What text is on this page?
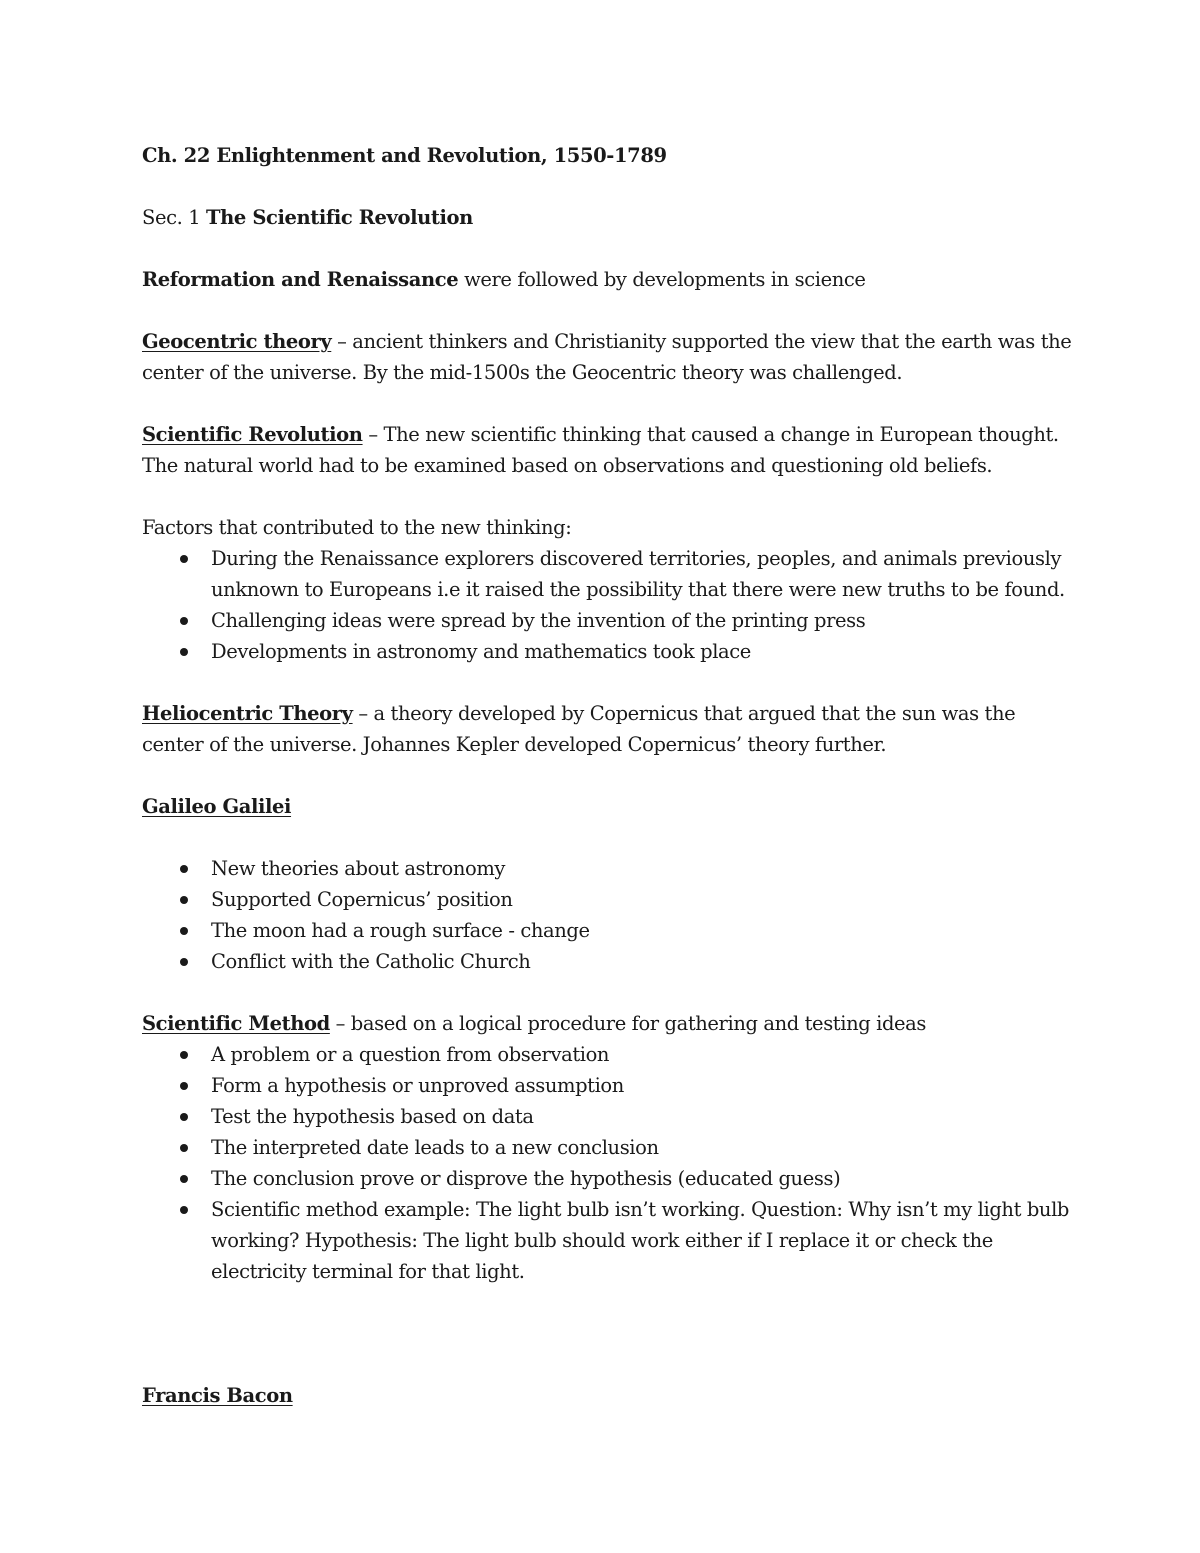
Ch. 22 Enlightenment and Revolution, 1550-1789

Sec. 1 The Scientific Revolution

Reformation and Renaissance were followed by developments in science

Geocentric theory – ancient thinkers and Christianity supported the view that the earth was the center of the universe. By the mid-1500s the Geocentric theory was challenged.

Scientific Revolution – The new scientific thinking that caused a change in European thought. The natural world had to be examined based on observations and questioning old beliefs.

Factors that contributed to the new thinking:

During the Renaissance explorers discovered territories, peoples, and animals previously unknown to Europeans i.e it raised the possibility that there were new truths to be found.
Challenging ideas were spread by the invention of the printing press
Developments in astronomy and mathematics took place

Heliocentric Theory – a theory developed by Copernicus that argued that the sun was the center of the universe. Johannes Kepler developed Copernicus’ theory further.

Galileo Galilei

New theories about astronomy
Supported Copernicus’ position
The moon had a rough surface - change
Conflict with the Catholic Church

Scientific Method – based on a logical procedure for gathering and testing ideas

A problem or a question from observation
Form a hypothesis or unproved assumption
Test the hypothesis based on data
The interpreted date leads to a new conclusion
The conclusion prove or disprove the hypothesis (educated guess)
Scientific method example: The light bulb isn’t working. Question: Why isn’t my light bulb working? Hypothesis: The light bulb should work either if I replace it or check the electricity terminal for that light.

Francis Bacon
